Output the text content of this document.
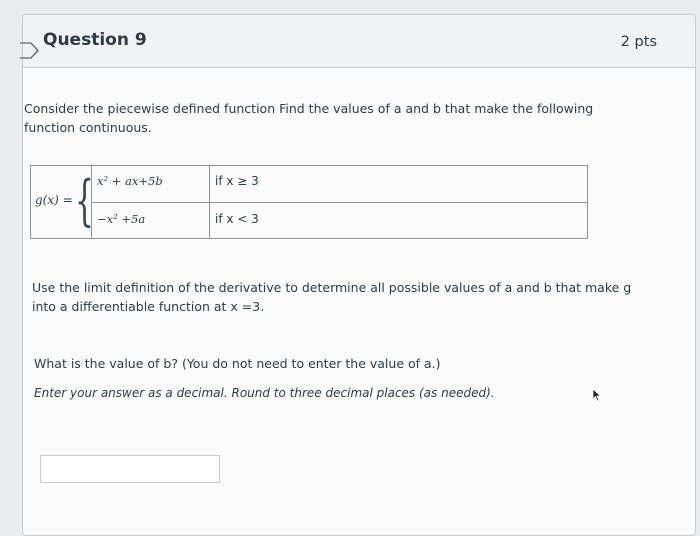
Question 9	2 pts
Consider the piecewise defined function Find the values of a and b that make the following function continuous.
g(x) = { x² + ax+5b
−x² +5a
if x ≥ 3
if x < 3
Use the limit definition of the derivative to determine all possible values of a and b that make g into a differentiable function at x =3.
What is the value of b? (You do not need to enter the value of a.)
Enter your answer as a decimal. Round to three decimal places (as needed).
